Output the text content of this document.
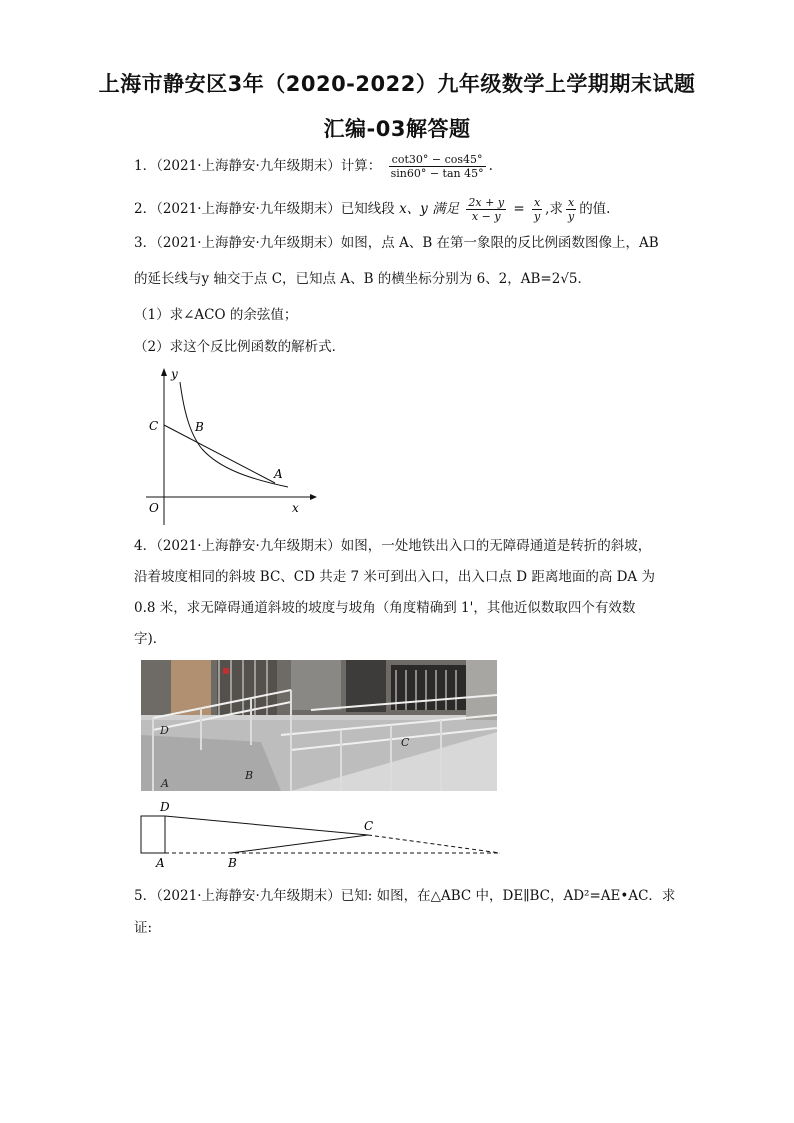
上海市静安区3年（2020-2022）九年级数学上学期期末试题
汇编-03解答题
1．（2021·上海静安·九年级期末）计算： $\frac{\cot 30^\circ - \cos 45^\circ}{\sin 60^\circ - \tan 45^\circ}$ .
2．（2021·上海静安·九年级期末）已知线段 x、y 满足 $\frac{2x + y}{x - y} = \frac{x}{y}$ ,求 $\frac{x}{y}$ 的值.
3．（2021·上海静安·九年级期末）如图，点 A、B 在第一象限的反比例函数图像上，AB
的延长线与y 轴交于点 C，已知点 A、B 的横坐标分别为 6、2，AB=2√5．
（1）求∠ACO 的余弦值；
（2）求这个反比例函数的解析式．
y
x
O
C	B
A
4．（2021·上海静安·九年级期末）如图，一处地铁出入口的无障碍通道是转折的斜坡，
沿着坡度相同的斜坡 BC、CD 共走 7 米可到出入口，出入口点 D 距离地面的高 DA 为
0.8 米，求无障碍通道斜坡的坡度与坡角（角度精确到 1'，其他近似数取四个有效数
字)．
D
C
B
A
D
C
A	B
5．（2021·上海静安·九年级期末）已知: 如图，在△ABC 中，DE∥BC，AD²=AE•AC．求
证:
